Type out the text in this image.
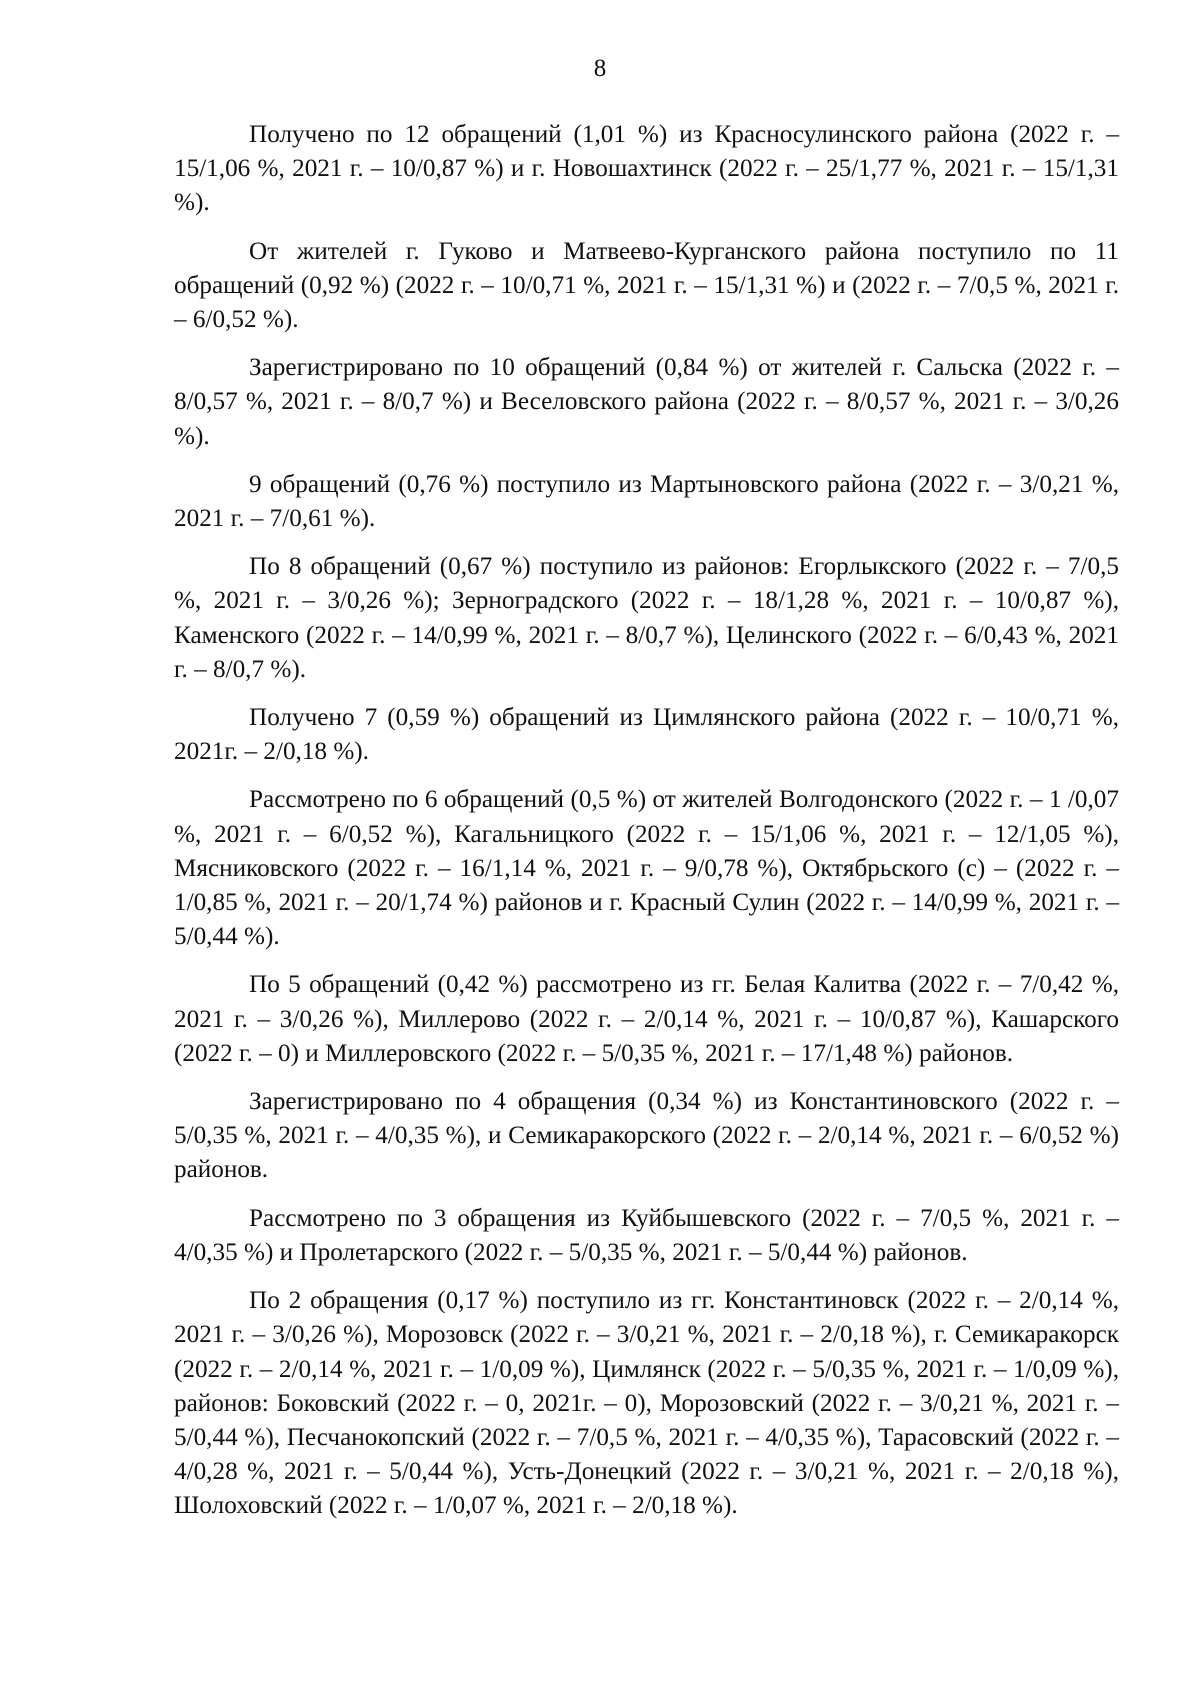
8

Получено по 12 обращений (1,01 %) из Красносулинского района (2022 г. – 15/1,06 %, 2021 г. – 10/0,87 %) и г. Новошахтинск (2022 г. – 25/1,77 %, 2021 г. – 15/1,31 %).

От жителей г. Гуково и Матвеево-Курганского района поступило по 11 обращений (0,92 %) (2022 г. – 10/0,71 %, 2021 г. – 15/1,31 %) и (2022 г. – 7/0,5 %, 2021 г. – 6/0,52 %).

Зарегистрировано по 10 обращений (0,84 %) от жителей г. Сальска (2022 г. – 8/0,57 %, 2021 г. – 8/0,7 %) и Веселовского района (2022 г. – 8/0,57 %, 2021 г. – 3/0,26 %).

9 обращений (0,76 %) поступило из Мартыновского района (2022 г. – 3/0,21 %, 2021 г. – 7/0,61 %).

По 8 обращений (0,67 %) поступило из районов: Егорлыкского (2022 г. – 7/0,5 %, 2021 г. – 3/0,26 %); Зерноградского (2022 г. – 18/1,28 %, 2021 г. – 10/0,87 %), Каменского (2022 г. – 14/0,99 %, 2021 г. – 8/0,7 %), Целинского (2022 г. – 6/0,43 %, 2021 г. – 8/0,7 %).

Получено 7 (0,59 %) обращений из Цимлянского района (2022 г. – 10/0,71 %, 2021г. – 2/0,18 %).

Рассмотрено по 6 обращений (0,5 %) от жителей Волгодонского (2022 г. – 1 /0,07 %, 2021 г. – 6/0,52 %), Кагальницкого (2022 г. – 15/1,06 %, 2021 г. – 12/1,05 %), Мясниковского (2022 г. – 16/1,14 %, 2021 г. – 9/0,78 %), Октябрьского (с) – (2022 г. – 1/0,85 %, 2021 г. – 20/1,74 %) районов и г. Красный Сулин (2022 г. – 14/0,99 %, 2021 г. – 5/0,44 %).

По 5 обращений (0,42 %) рассмотрено из гг. Белая Калитва (2022 г. – 7/0,42 %, 2021 г. – 3/0,26 %), Миллерово (2022 г. – 2/0,14 %, 2021 г. – 10/0,87 %), Кашарского (2022 г. – 0) и Миллеровского (2022 г. – 5/0,35 %, 2021 г. – 17/1,48 %) районов.

Зарегистрировано по 4 обращения (0,34 %) из Константиновского (2022 г. – 5/0,35 %, 2021 г. – 4/0,35 %), и Семикаракорского (2022 г. – 2/0,14 %, 2021 г. – 6/0,52 %) районов.

Рассмотрено по 3 обращения из Куйбышевского (2022 г. – 7/0,5 %, 2021 г. – 4/0,35 %) и Пролетарского (2022 г. – 5/0,35 %, 2021 г. – 5/0,44 %) районов.

По 2 обращения (0,17 %) поступило из гг. Константиновск (2022 г. – 2/0,14 %, 2021 г. – 3/0,26 %), Морозовск (2022 г. – 3/0,21 %, 2021 г. – 2/0,18 %), г. Семикаракорск (2022 г. – 2/0,14 %, 2021 г. – 1/0,09 %), Цимлянск (2022 г. – 5/0,35 %, 2021 г. – 1/0,09 %), районов: Боковский (2022 г. – 0, 2021г. – 0), Морозовский (2022 г. – 3/0,21 %, 2021 г. – 5/0,44 %), Песчанокопский (2022 г. – 7/0,5 %, 2021 г. – 4/0,35 %), Тарасовский (2022 г. – 4/0,28 %, 2021 г. – 5/0,44 %), Усть-Донецкий (2022 г. – 3/0,21 %, 2021 г. – 2/0,18 %), Шолоховский (2022 г. – 1/0,07 %, 2021 г. – 2/0,18 %).
